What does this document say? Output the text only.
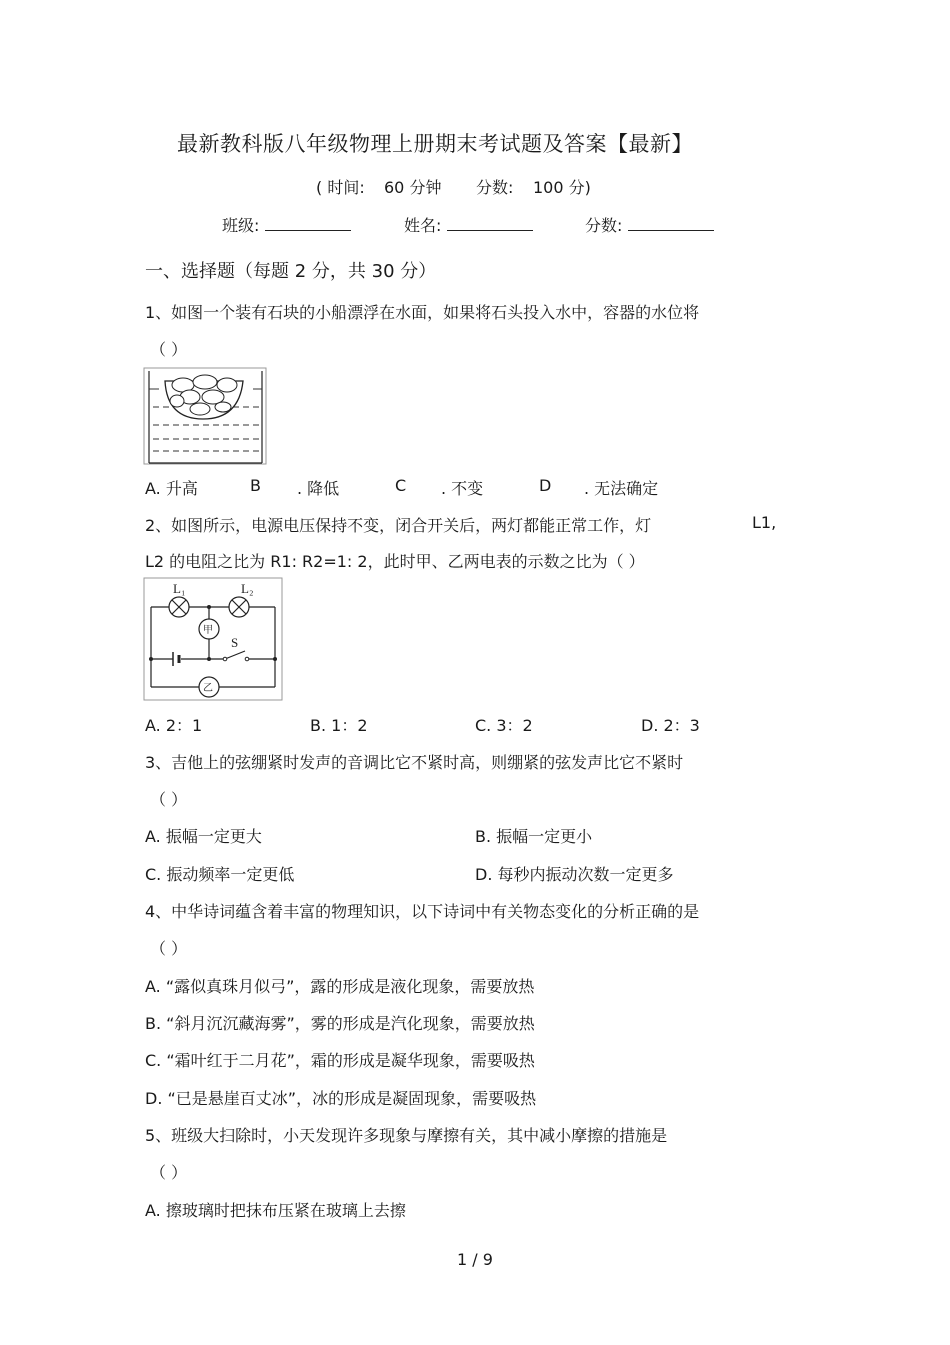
最新教科版八年级物理上册期末考试题及答案【最新】
( 时间: 60 分钟 分数: 100 分)
班级:	姓名:	分数:
一、选择题（每题 2 分，共 30 分）
1、如图一个装有石块的小船漂浮在水面，如果将石头投入水中，容器的水位将
（ ）
A. 升高	B . 降低	C . 不变	D . 无法确定
2、如图所示，电源电压保持不变，闭合开关后，两灯都能正常工作，灯	L1,
L2 的电阻之比为 R1: R2=1: 2，此时甲、乙两电表的示数之比为（ ）
L₁	L₂
甲
S
乙
A. 2：1	B. 1：2	C. 3：2	D. 2：3
3、吉他上的弦绷紧时发声的音调比它不紧时高，则绷紧的弦发声比它不紧时
（ ）
A. 振幅一定更大	B. 振幅一定更小
C. 振动频率一定更低	D. 每秒内振动次数一定更多
4、中华诗词蕴含着丰富的物理知识，以下诗词中有关物态变化的分析正确的是
（ ）
A. “露似真珠月似弓”，露的形成是液化现象，需要放热
B. “斜月沉沉藏海雾”，雾的形成是汽化现象，需要放热
C. “霜叶红于二月花”，霜的形成是凝华现象，需要吸热
D. “已是悬崖百丈冰”，冰的形成是凝固现象，需要吸热
5、班级大扫除时，小天发现许多现象与摩擦有关，其中减小摩擦的措施是
（ ）
A. 擦玻璃时把抹布压紧在玻璃上去擦
1 / 9
